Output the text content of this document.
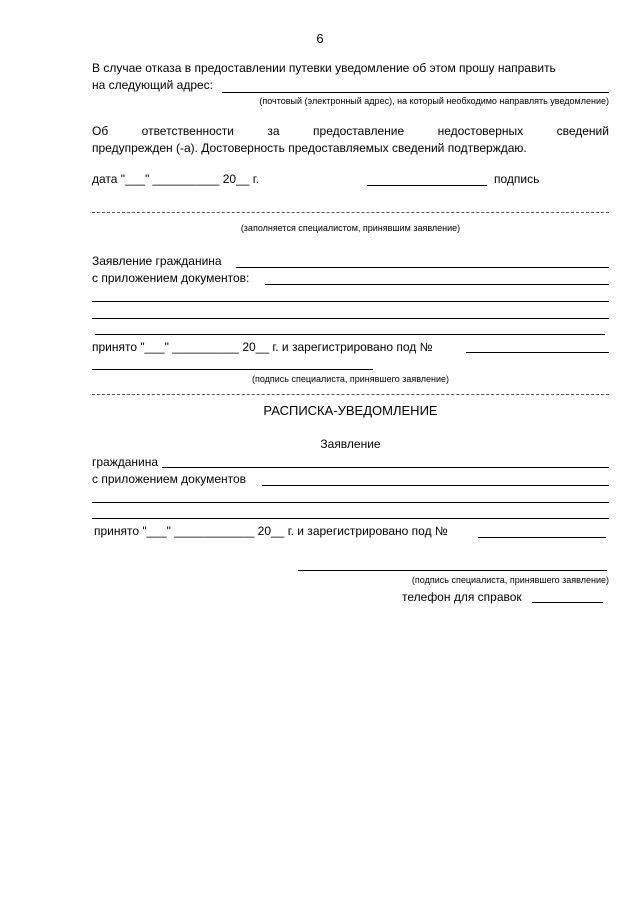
6
В случае отказа в предоставлении путевки уведомление об этом прошу направить
на следующий адрес:
(почтовый (электронный адрес), на который необходимо направлять уведомление)
Об	ответственности	за	предоставление	недостоверных	сведений
предупрежден (-а). Достоверность предоставляемых сведений подтверждаю.
дата "___" __________ 20__ г.	подпись
(заполняется специалистом, принявшим заявление)
Заявление гражданина
с приложением документов:
принято "___" __________ 20__ г. и зарегистрировано под №
(подпись специалиста, принявшего заявление)
РАСПИСКА-УВЕДОМЛЕНИЕ
Заявление
гражданина
с приложением документов
принято "___" ____________ 20__ г. и зарегистрировано под №
(подпись специалиста, принявшего заявление)
телефон для справок
